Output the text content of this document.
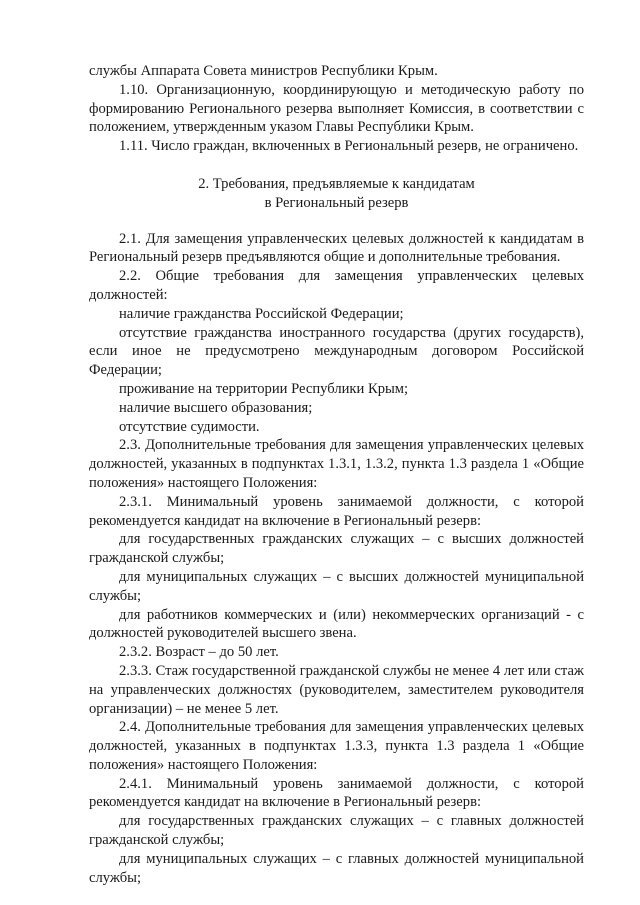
службы Аппарата Совета министров Республики Крым.

1.10. Организационную, координирующую и методическую работу по формированию Регионального резерва выполняет Комиссия, в соответствии с положением, утвержденным указом Главы Республики Крым.

1.11. Число граждан, включенных в Региональный резерв, не ограничено.

2. Требования, предъявляемые к кандидатам
в Региональный резерв

2.1. Для замещения управленческих целевых должностей к кандидатам в Региональный резерв предъявляются общие и дополнительные требования.

2.2. Общие требования для замещения управленческих целевых должностей:

наличие гражданства Российской Федерации;

отсутствие гражданства иностранного государства (других государств), если иное не предусмотрено международным договором Российской Федерации;

проживание на территории Республики Крым;

наличие высшего образования;

отсутствие судимости.

2.3. Дополнительные требования для замещения управленческих целевых должностей, указанных в подпунктах 1.3.1, 1.3.2, пункта 1.3 раздела 1 «Общие положения» настоящего Положения:

2.3.1. Минимальный уровень занимаемой должности, с которой рекомендуется кандидат на включение в Региональный резерв:

для государственных гражданских служащих – с высших должностей гражданской службы;

для муниципальных служащих – с высших должностей муниципальной службы;

для работников коммерческих и (или) некоммерческих организаций - с должностей руководителей высшего звена.

2.3.2. Возраст – до 50 лет.

2.3.3. Стаж государственной гражданской службы не менее 4 лет или стаж на управленческих должностях (руководителем, заместителем руководителя организации) – не менее 5 лет.

2.4. Дополнительные требования для замещения управленческих целевых должностей, указанных в подпунктах 1.3.3, пункта 1.3 раздела 1 «Общие положения» настоящего Положения:

2.4.1. Минимальный уровень занимаемой должности, с которой рекомендуется кандидат на включение в Региональный резерв:

для государственных гражданских служащих – с главных должностей гражданской службы;

для муниципальных служащих – с главных должностей муниципальной службы;
